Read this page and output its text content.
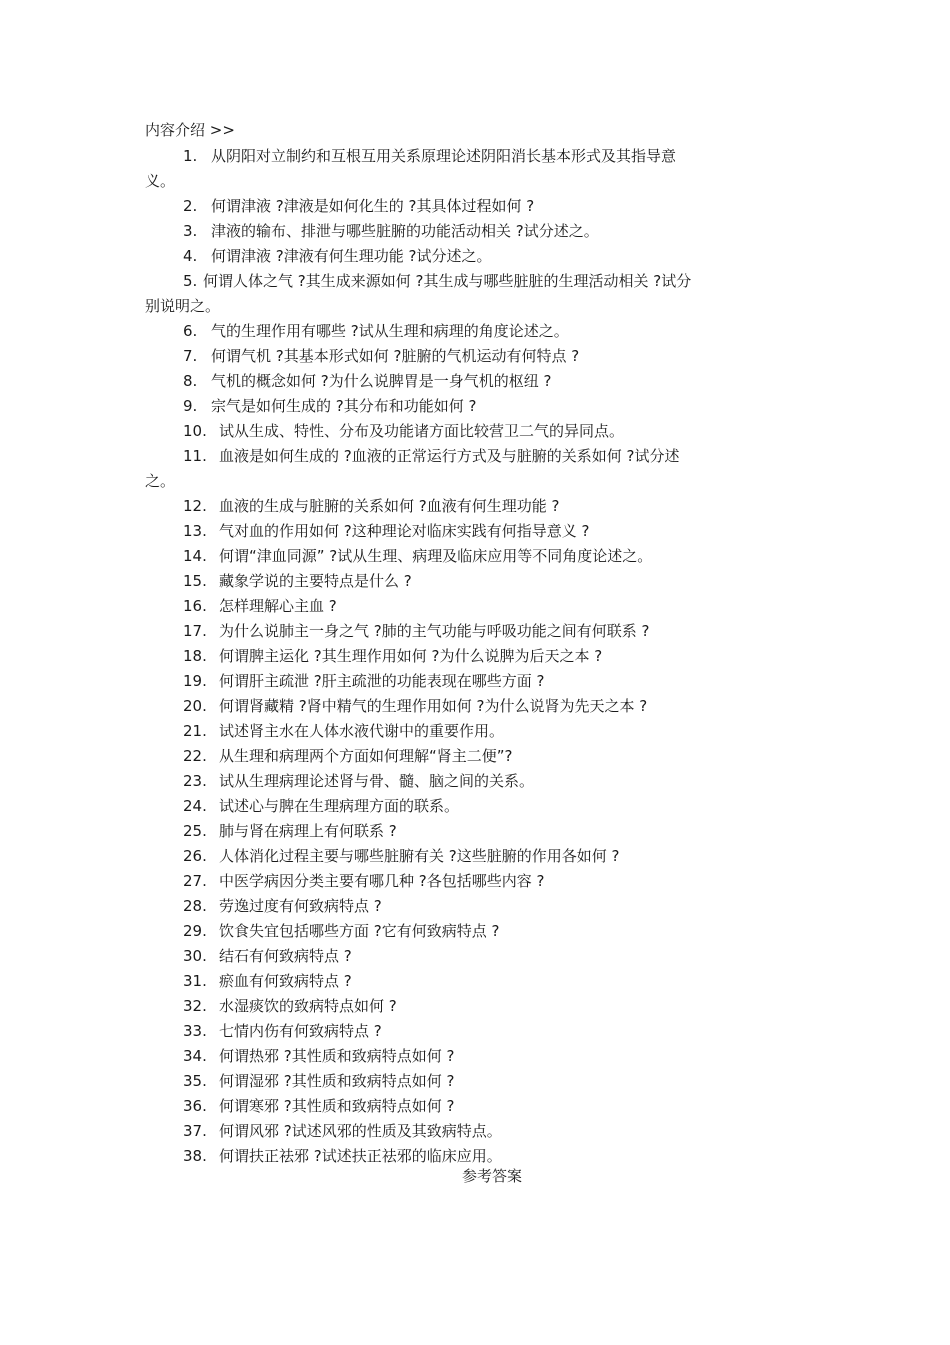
内容介绍 >>
1. 从阴阳对立制约和互根互用关系原理论述阴阳消长基本形式及其指导意
义。
2. 何谓津液 ?津液是如何化生的 ?其具体过程如何 ?
3. 津液的输布、排泄与哪些脏腑的功能活动相关 ?试分述之。
4. 何谓津液 ?津液有何生理功能 ?试分述之。
5. 何谓人体之气 ?其生成来源如何 ?其生成与哪些脏脏的生理活动相关 ?试分
别说明之。
6. 气的生理作用有哪些 ?试从生理和病理的角度论述之。
7. 何谓气机 ?其基本形式如何 ?脏腑的气机运动有何特点 ?
8. 气机的概念如何 ?为什么说脾胃是一身气机的枢纽 ?
9. 宗气是如何生成的 ?其分布和功能如何 ?
10. 试从生成、特性、分布及功能诸方面比较营卫二气的异同点。
11. 血液是如何生成的 ?血液的正常运行方式及与脏腑的关系如何 ?试分述
之。
12. 血液的生成与脏腑的关系如何 ?血液有何生理功能 ?
13. 气对血的作用如何 ?这种理论对临床实践有何指导意义 ?
14. 何谓“津血同源” ?试从生理、病理及临床应用等不同角度论述之。
15. 藏象学说的主要特点是什么 ?
16. 怎样理解心主血 ?
17. 为什么说肺主一身之气 ?肺的主气功能与呼吸功能之间有何联系 ?
18. 何谓脾主运化 ?其生理作用如何 ?为什么说脾为后天之本 ?
19. 何谓肝主疏泄 ?肝主疏泄的功能表现在哪些方面 ?
20. 何谓肾藏精 ?肾中精气的生理作用如何 ?为什么说肾为先天之本 ?
21. 试述肾主水在人体水液代谢中的重要作用。
22. 从生理和病理两个方面如何理解“肾主二便”?
23. 试从生理病理论述肾与骨、髓、脑之间的关系。
24. 试述心与脾在生理病理方面的联系。
25. 肺与肾在病理上有何联系 ?
26. 人体消化过程主要与哪些脏腑有关 ?这些脏腑的作用各如何 ?
27. 中医学病因分类主要有哪几种 ?各包括哪些内容 ?
28. 劳逸过度有何致病特点 ?
29. 饮食失宜包括哪些方面 ?它有何致病特点 ?
30. 结石有何致病特点 ?
31. 瘀血有何致病特点 ?
32. 水湿痰饮的致病特点如何 ?
33. 七情内伤有何致病特点 ?
34. 何谓热邪 ?其性质和致病特点如何 ?
35. 何谓湿邪 ?其性质和致病特点如何 ?
36. 何谓寒邪 ?其性质和致病特点如何 ?
37. 何谓风邪 ?试述风邪的性质及其致病特点。
38. 何谓扶正祛邪 ?试述扶正祛邪的临床应用。
参考答案
